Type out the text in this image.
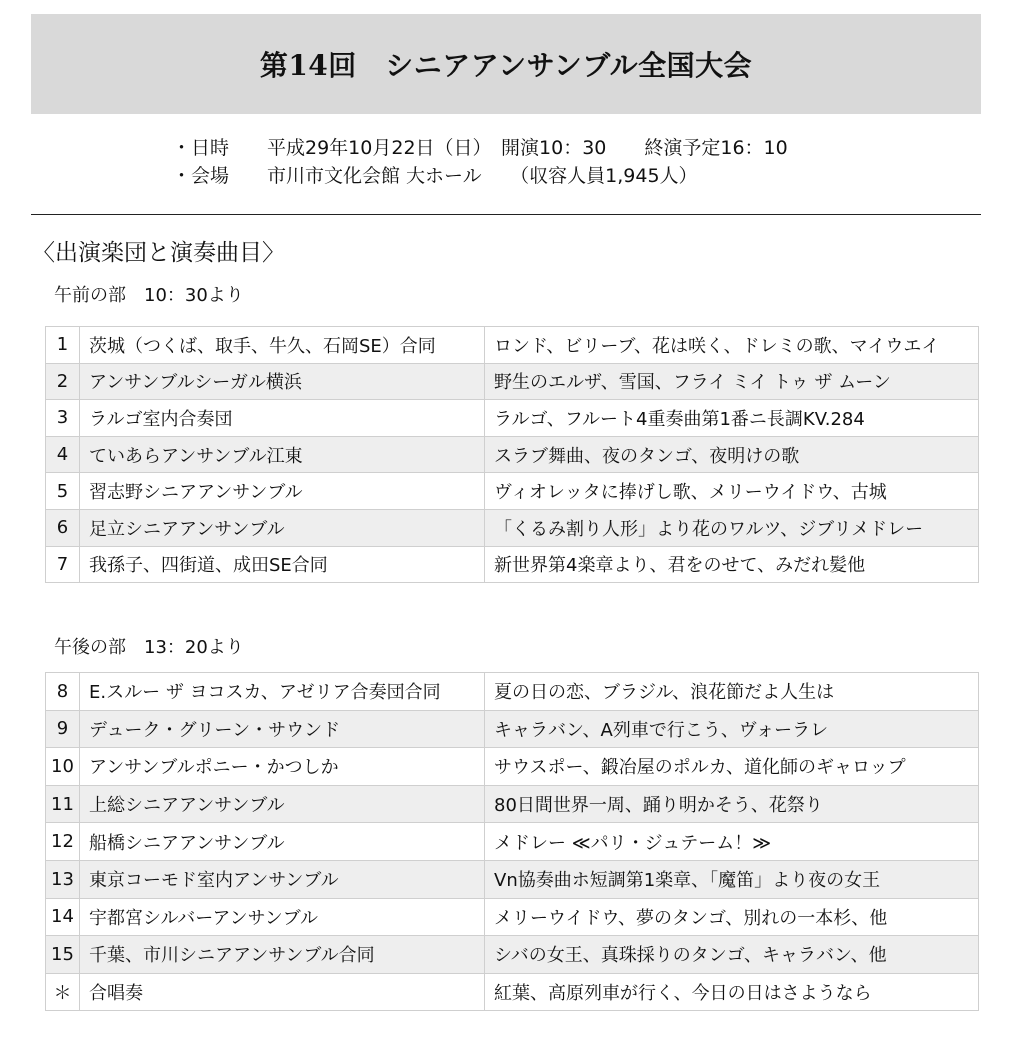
第14回　シニアアンサンブル全国大会
・日時　　平成29年10月22日（日）　開演10：30　　終演予定16：10
・会場　　市川市文化会館 大ホール　　（収容人員1,945人）
〈出演楽団と演奏曲目〉
午前の部　10：30より
1	茨城（つくば、取手、牛久、石岡SE）合同	ロンド、ビリーブ、花は咲く、ドレミの歌、マイウエイ
2	アンサンブルシーガル横浜	野生のエルザ、雪国、フライ ミイ トゥ ザ ムーン
3	ラルゴ室内合奏団	ラルゴ、フルート4重奏曲第1番ニ長調KV.284
4	ていあらアンサンブル江東	スラブ舞曲、夜のタンゴ、夜明けの歌
5	習志野シニアアンサンブル	ヴィオレッタに捧げし歌、メリーウイドウ、古城
6	足立シニアアンサンブル	「くるみ割り人形」より花のワルツ、ジブリメドレー
7	我孫子、四街道、成田SE合同	新世界第4楽章より、君をのせて、みだれ髪他
午後の部　13：20より
8	E.スルー ザ ヨコスカ、アゼリア合奏団合同	夏の日の恋、ブラジル、浪花節だよ人生は
9	デューク・グリーン・サウンド	キャラバン、A列車で行こう、ヴォーラレ
10	アンサンブルポニー・かつしか	サウスポー、鍛冶屋のポルカ、道化師のギャロップ
11	上総シニアアンサンブル	80日間世界一周、踊り明かそう、花祭り
12	船橋シニアアンサンブル	メドレー ≪パリ・ジュテーム！≫
13	東京コーモド室内アンサンブル	Vn協奏曲ホ短調第1楽章、「魔笛」より夜の女王
14	宇都宮シルバーアンサンブル	メリーウイドウ、夢のタンゴ、別れの一本杉、他
15	千葉、市川シニアアンサンブル合同	シバの女王、真珠採りのタンゴ、キャラバン、他
＊	合唱奏	紅葉、高原列車が行く、今日の日はさようなら
